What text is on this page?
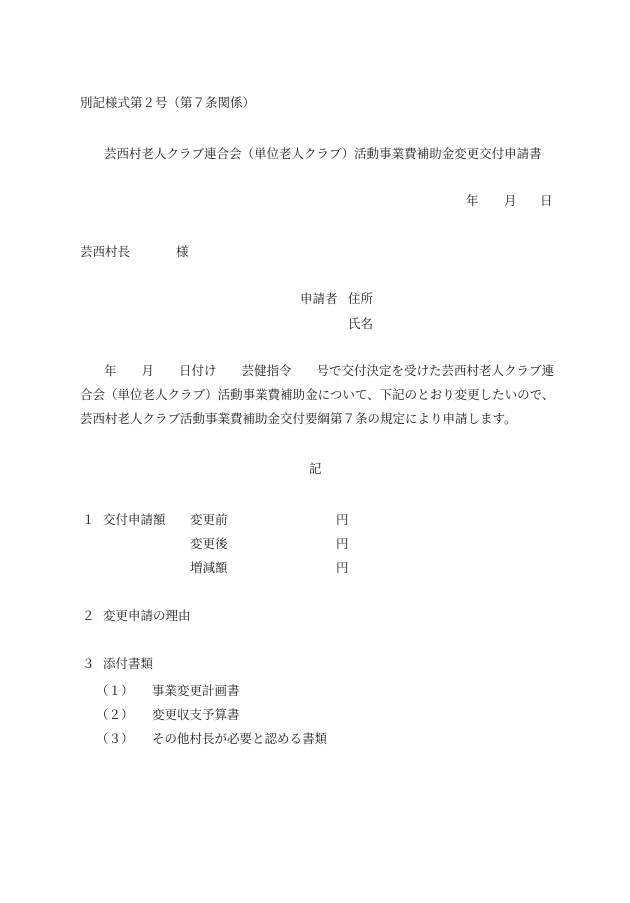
別記様式第２号（第７条関係）
芸西村老人クラブ連合会（単位老人クラブ）活動事業費補助金変更交付申請書
年 月 日
芸西村長	様
申請者 住所
氏名
年　　月　　日付け　　芸健指令　　号で交付決定を受けた芸西村老人クラブ連
合会（単位老人クラブ）活動事業費補助金について、下記のとおり変更したいので、
芸西村老人クラブ活動事業費補助金交付要綱第７条の規定により申請します。
記
１ 交付申請額 変更前	円
変更後	円
増減額	円
２ 変更申請の理由
３ 添付書類
（１） 事業変更計画書
（２） 変更収支予算書
（３） その他村長が必要と認める書類
